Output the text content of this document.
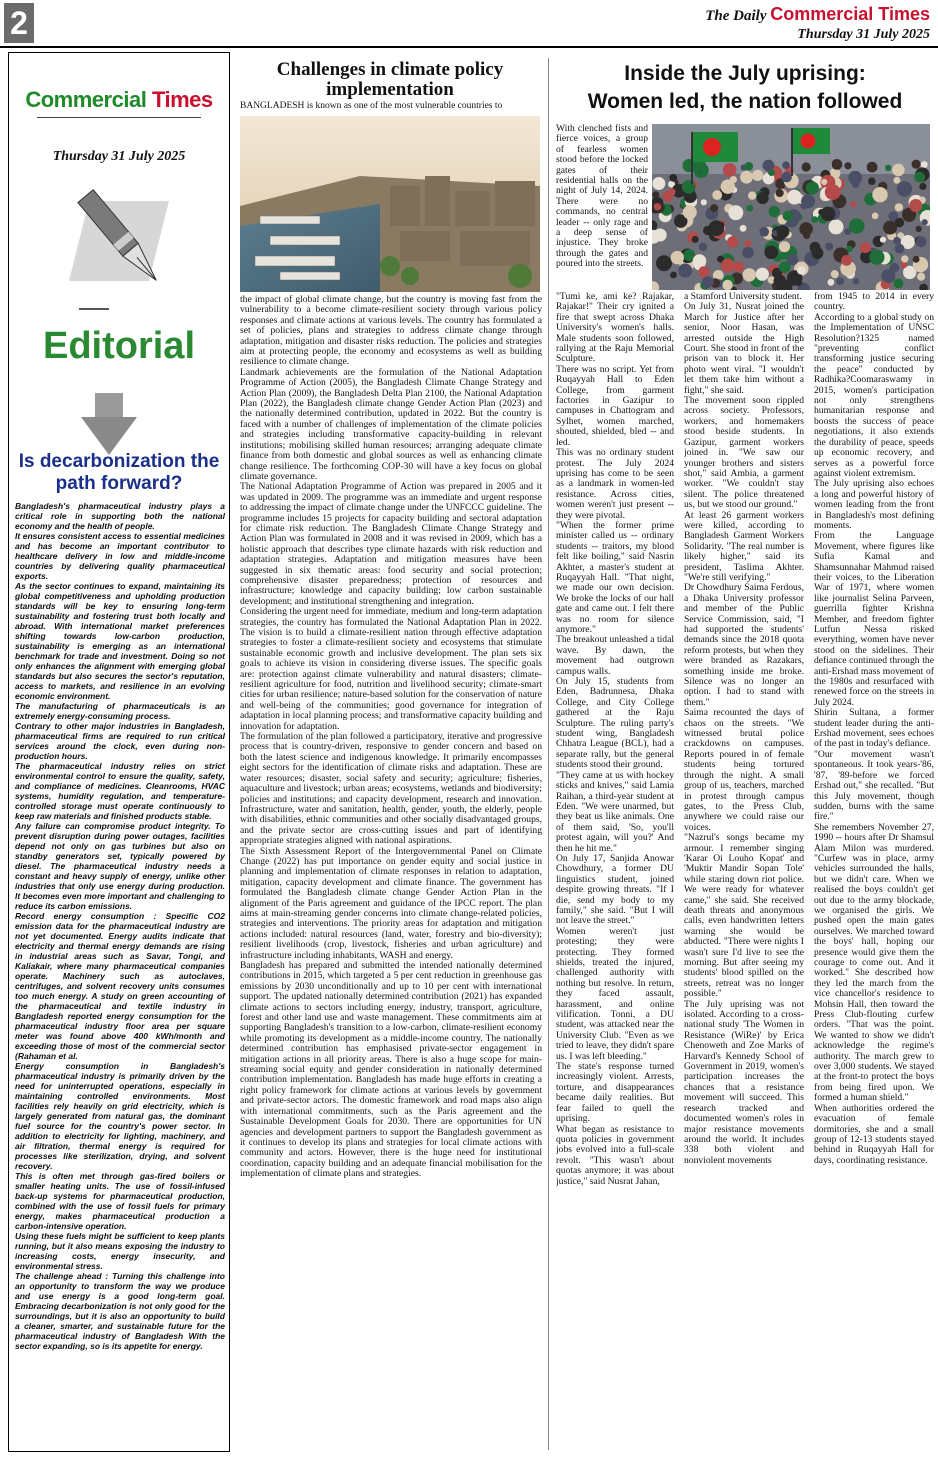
2	The Daily Commercial Times
Thursday 31 July 2025
Commercial Times
Thursday 31 July 2025
Editorial
Is decarbonization the path forward?

Bangladesh's pharmaceutical industry plays a critical role in supporting both the national economy and the health of people.

It ensures consistent access to essential medicines and has become an important contributor to healthcare delivery in low and middle-income countries by delivering quality pharmaceutical exports.

As the sector continues to expand, maintaining its global competitiveness and upholding production standards will be key to ensuring long-term sustainability and fostering trust both locally and abroad. With international market preferences shifting towards low-carbon production, sustainability is emerging as an international benchmark for trade and investment. Doing so not only enhances the alignment with emerging global standards but also secures the sector's reputation, access to markets, and resilience in an evolving economic environment.

The manufacturing of pharmaceuticals is an extremely energy-consuming process.

Contrary to other major industries in Bangladesh, pharmaceutical firms are required to run critical services around the clock, even during non-production hours.

The pharmaceutical industry relies on strict environmental control to ensure the quality, safety, and compliance of medicines. Cleanrooms, HVAC systems, humidity regulation, and temperature-controlled storage must operate continuously to keep raw materials and finished products stable.

Any failure can compromise product integrity. To prevent disruption during power outages, facilities depend not only on gas turbines but also on standby generators set, typically powered by diesel. The pharmaceutical industry needs a constant and heavy supply of energy, unlike other industries that only use energy during production. It becomes even more important and challenging to reduce its carbon emissions.

Record energy consumption : Specific CO2 emission data for the pharmaceutical industry are not yet documented. Energy audits indicate that electricity and thermal energy demands are rising in industrial areas such as Savar, Tongi, and Kaliakair, where many pharmaceutical companies operate. Machinery such as autoclaves, centrifuges, and solvent recovery units consumes too much energy. A study on green accounting of the pharmaceutical and textile industry in Bangladesh reported energy consumption for the pharmaceutical industry floor area per square meter was found above 400 kWh/month and exceeding those of most of the commercial sector (Rahaman et al.

Energy consumption in Bangladesh's pharmaceutical industry is primarily driven by the need for uninterrupted operations, especially in maintaining controlled environments. Most facilities rely heavily on grid electricity, which is largely generated from natural gas, the dominant fuel source for the country's power sector. In addition to electricity for lighting, machinery, and air filtration, thermal energy is required for processes like sterilization, drying, and solvent recovery.

This is often met through gas-fired boilers or smaller heating units. The use of fossil-infused back-up systems for pharmaceutical production, combined with the use of fossil fuels for primary energy, makes pharmaceutical production a carbon-intensive operation.

Using these fuels might be sufficient to keep plants running, but it also means exposing the industry to increasing costs, energy insecurity, and environmental stress.

The challenge ahead : Turning this challenge into an opportunity to transform the way we produce and use energy is a good long-term goal. Embracing decarbonization is not only good for the surroundings, but it is also an opportunity to build a cleaner, smarter, and sustainable future for the pharmaceutical industry of Bangladesh With the sector expanding, so is its appetite for energy.

Challenges in climate policy implementation
BANGLADESH is known as one of the most vulnerable countries to

the impact of global climate change, but the country is moving fast from the vulnerability to a become climate-resilient society through various policy responses and climate actions at various levels. The country has formulated a set of policies, plans and strategies to address climate change through adaptation, mitigation and disaster risks reduction. The policies and strategies aim at protecting people, the economy and ecosystems as well as building resilience to climate change.

Landmark achievements are the formulation of the National Adaptation Programme of Action (2005), the Bangladesh Climate Change Strategy and Action Plan (2009), the Bangladesh Delta Plan 2100, the National Adaptation Plan (2022), the Bangladesh climate change Gender Action Plan (2023) and the nationally determined contribution, updated in 2022. But the country is faced with a number of challenges of implementation of the climate policies and strategies including transformative capacity-building in relevant institutions; mobilising skilled human resources; arranging adequate climate finance from both domestic and global sources as well as enhancing climate change resilience. The forthcoming COP-30 will have a key focus on global climate governance.

The National Adaptation Programme of Action was prepared in 2005 and it was updated in 2009. The programme was an immediate and urgent response to addressing the impact of climate change under the UNFCCC guideline. The programme includes 15 projects for capacity building and sectoral adaptation for climate risk reduction. The Bangladesh Climate Change Strategy and Action Plan was formulated in 2008 and it was revised in 2009, which has a holistic approach that describes type climate hazards with risk reduction and adaptation strategies. Adaptation and mitigation measures have been suggested in six thematic areas: food security and social protection; comprehensive disaster preparedness; protection of resources and infrastructure; knowledge and capacity building; low carbon sustainable development; and institutional strengthening and integration.

Considering the urgent need for immediate, medium and long-term adaptation strategies, the country has formulated the National Adaptation Plan in 2022. The vision is to build a climate-resilient nation through effective adaptation strategies to foster a climate-resilient society and ecosystems that stimulate sustainable economic growth and inclusive development. The plan sets six goals to achieve its vision in considering diverse issues. The specific goals are: protection against climate vulnerability and natural disasters; climate-resilient agriculture for food, nutrition and livelihood security; climate-smart cities for urban resilience; nature-based solution for the conservation of nature and well-being of the communities; good governance for integration of adaptation in local planning process; and transformative capacity building and innovation for adaptation.

The formulation of the plan followed a participatory, iterative and progressive process that is country-driven, responsive to gender concern and based on both the latest science and indigenous knowledge. It primarily encompasses eight sectors for the identification of climate risks and adaptation. These are water resources; disaster, social safety and security; agriculture; fisheries, aquaculture and livestock; urban areas; ecosystems, wetlands and biodiversity; policies and institutions; and capacity development, research and innovation. Infrastructure, water and sanitation, health, gender, youth, the elderly, people with disabilities, ethnic communities and other socially disadvantaged groups, and the private sector are cross-cutting issues and part of identifying appropriate strategies aligned with national aspirations.

The Sixth Assessment Report of the Intergovernmental Panel on Climate Change (2022) has put importance on gender equity and social justice in planning and implementation of climate responses in relation to adaptation, mitigation, capacity development and climate finance. The government has formulated the Bangladesh climate change Gender Action Plan in the alignment of the Paris agreement and guidance of the IPCC report. The plan aims at main-streaming gender concerns into climate change-related policies, strategies and interventions. The priority areas for adaptation and mitigation actions included: natural resources (land, water, forestry and bio-diversity); resilient livelihoods (crop, livestock, fisheries and urban agriculture) and infrastructure including inhabitants, WASH and energy.

Bangladesh has prepared and submitted the intended nationally determined contributions in 2015, which targeted a 5 per cent reduction in greenhouse gas emissions by 2030 unconditionally and up to 10 per cent with international support. The updated nationally determined contribution (2021) has expanded climate actions to sectors including energy, industry, transport, agriculture, forest and other land use and waste management. These commitments aim at supporting Bangladesh's transition to a low-carbon, climate-resilient economy while promoting its development as a middle-income country. The nationally determined contribution has emphasised private-sector engagement in mitigation actions in all priority areas. There is also a huge scope for main-streaming social equity and gender consideration in nationally determined contribution implementation. Bangladesh has made huge efforts in creating a right policy framework for climate actions at various levels by government and private-sector actors. The domestic framework and road maps also align with international commitments, such as the Paris agreement and the Sustainable Development Goals for 2030. There are opportunities for UN agencies and development partners to support the Bangladesh government as it continues to develop its plans and strategies for local climate actions with community and actors. However, there is the huge need for institutional coordination, capacity building and an adequate financial mobilisation for the implementation of climate plans and strategies.

Inside the July uprising:
Women led, the nation followed

With clenched fists and fierce voices, a group of fearless women stood before the locked gates of their residential halls on the night of July 14, 2024. There were no commands, no central leader -- only rage and a deep sense of injustice. They broke through the gates and poured into the streets.

"Tumi ke, ami ke? Rajakar, Rajakar!" Their cry ignited a fire that swept across Dhaka University's women's halls. Male students soon followed, rallying at the Raju Memorial Sculpture.

There was no script. Yet from Ruqayyah Hall to Eden College, from garment factories in Gazipur to campuses in Chattogram and Sylhet, women marched, shouted, shielded, bled -- and led.

This was no ordinary student protest. The July 2024 uprising has come to be seen as a landmark in women-led resistance. Across cities, women weren't just present -- they were pivotal.

"When the former prime minister called us -- ordinary students -- traitors, my blood felt like boiling," said Nasrin Akhter, a master's student at Ruqayyah Hall. "That night, we made our own decision. We broke the locks of our hall gate and came out. I felt there was no room for silence anymore."

The breakout unleashed a tidal wave. By dawn, the movement had outgrown campus walls.

On July 15, students from Eden, Badrunnesa, Dhaka College, and City College gathered at the Raju Sculpture. The ruling party's student wing, Bangladesh Chhatra League (BCL), had a separate rally, but the general students stood their ground.

"They came at us with hockey sticks and knives," said Lamia Raihan, a third-year student at Eden. "We were unarmed, but they beat us like animals. One of them said, 'So, you'll protest again, will you?' And then he hit me."

On July 17, Sanjida Anowar Chowdhury, a former DU linguistics student, joined despite growing threats. "If I die, send my body to my family," she said. "But I will not leave the street."

Women weren't just protesting; they were protecting. They formed shields, treated the injured, challenged authority with nothing but resolve. In return, they faced assault, harassment, and online vilification. Tonni, a DU student, was attacked near the University Club. "Even as we tried to leave, they didn't spare us. I was left bleeding."

The state's response turned increasingly violent. Arrests, torture, and disappearances became daily realities. But fear failed to quell the uprising.

What began as resistance to quota policies in government jobs evolved into a full-scale revolt. "This wasn't about quotas anymore; it was about justice," said Nusrat Jahan,

a Stamford University student.

On July 31, Nusrat joined the March for Justice after her senior, Noor Hasan, was arrested outside the High Court. She stood in front of the prison van to block it. Her photo went viral. "I wouldn't let them take him without a fight," she said.

The movement soon rippled across society. Professors, workers, and homemakers stood beside students. In Gazipur, garment workers joined in. "We saw our younger brothers and sisters shot," said Ambia, a garment worker. "We couldn't stay silent. The police threatened us, but we stood our ground."

At least 26 garment workers were killed, according to Bangladesh Garment Workers Solidarity. "The real number is likely higher," said its president, Taslima Akhter. "We're still verifying."

Dr Chowdhury Saima Ferdous, a Dhaka University professor and member of the Public Service Commission, said, "I had supported the students' demands since the 2018 quota reform protests, but when they were branded as Razakars, something inside me broke. Silence was no longer an option. I had to stand with them."

Saima recounted the days of chaos on the streets. "We witnessed brutal police crackdowns on campuses. Reports poured in of female students being tortured through the night. A small group of us, teachers, marched in protest through campus gates, to the Press Club, anywhere we could raise our voices.

"Nazrul's songs became my armour. I remember singing 'Karar Oi Louho Kopat' and 'Muktir Mandir Sopan Tole' while staring down riot police. We were ready for whatever came," she said. She received death threats and anonymous calls, even handwritten letters warning she would be abducted. "There were nights I wasn't sure I'd live to see the morning. But after seeing my students' blood spilled on the streets, retreat was no longer possible."

The July uprising was not isolated. According to a cross-national study 'The Women in Resistance (WiRe)' by Erica Chenoweth and Zoe Marks of Harvard's Kennedy School of Government in 2019, women's participation increases the chances that a resistance movement will succeed. This research tracked and documented women's roles in major resistance movements around the world. It includes 338 both violent and nonviolent movements

from 1945 to 2014 in every country.

According to a global study on the Implementation of UNSC Resolution?1325 named "preventing conflict transforming justice securing the peace" conducted by Radhika?Coomaraswamy in 2015, women's participation not only strengthens humanitarian response and boosts the success of peace negotiations, it also extends the durability of peace, speeds up economic recovery, and serves as a powerful force against violent extremism.

The July uprising also echoes a long and powerful history of women leading from the front in Bangladesh's most defining moments.

From the Language Movement, where figures like Sufia Kamal and Shamsunnahar Mahmud raised their voices, to the Liberation War of 1971, where women like journalist Selina Parveen, guerrilla fighter Krishna Member, and freedom fighter Lutfun Nessa risked everything, women have never stood on the sidelines. Their defiance continued through the anti-Ershad mass movement of the 1980s and resurfaced with renewed force on the streets in July 2024.

Shirin Sultana, a former student leader during the anti-Ershad movement, sees echoes of the past in today's defiance.

"Our movement wasn't spontaneous. It took years-'86, '87, '89-before we forced Ershad out," she recalled. "But this July movement, though sudden, burns with the same fire."

She remembers November 27, 1990 -- hours after Dr Shamsul Alam Milon was murdered. "Curfew was in place, army vehicles surrounded the halls, but we didn't care. When we realised the boys couldn't get out due to the army blockade, we organised the girls. We pushed open the main gates ourselves. We marched toward the boys' hall, hoping our presence would give them the courage to come out. And it worked." She described how they led the march from the vice chancellor's residence to Mohsin Hall, then toward the Press Club-flouting curfew orders. "That was the point. We wanted to show we didn't acknowledge the regime's authority. The march grew to over 3,000 students. We stayed at the front-to protect the boys from being fired upon. We formed a human shield."

When authorities ordered the evacuation of female dormitories, she and a small group of 12-13 students stayed behind in Ruqayyah Hall for days, coordinating resistance.
